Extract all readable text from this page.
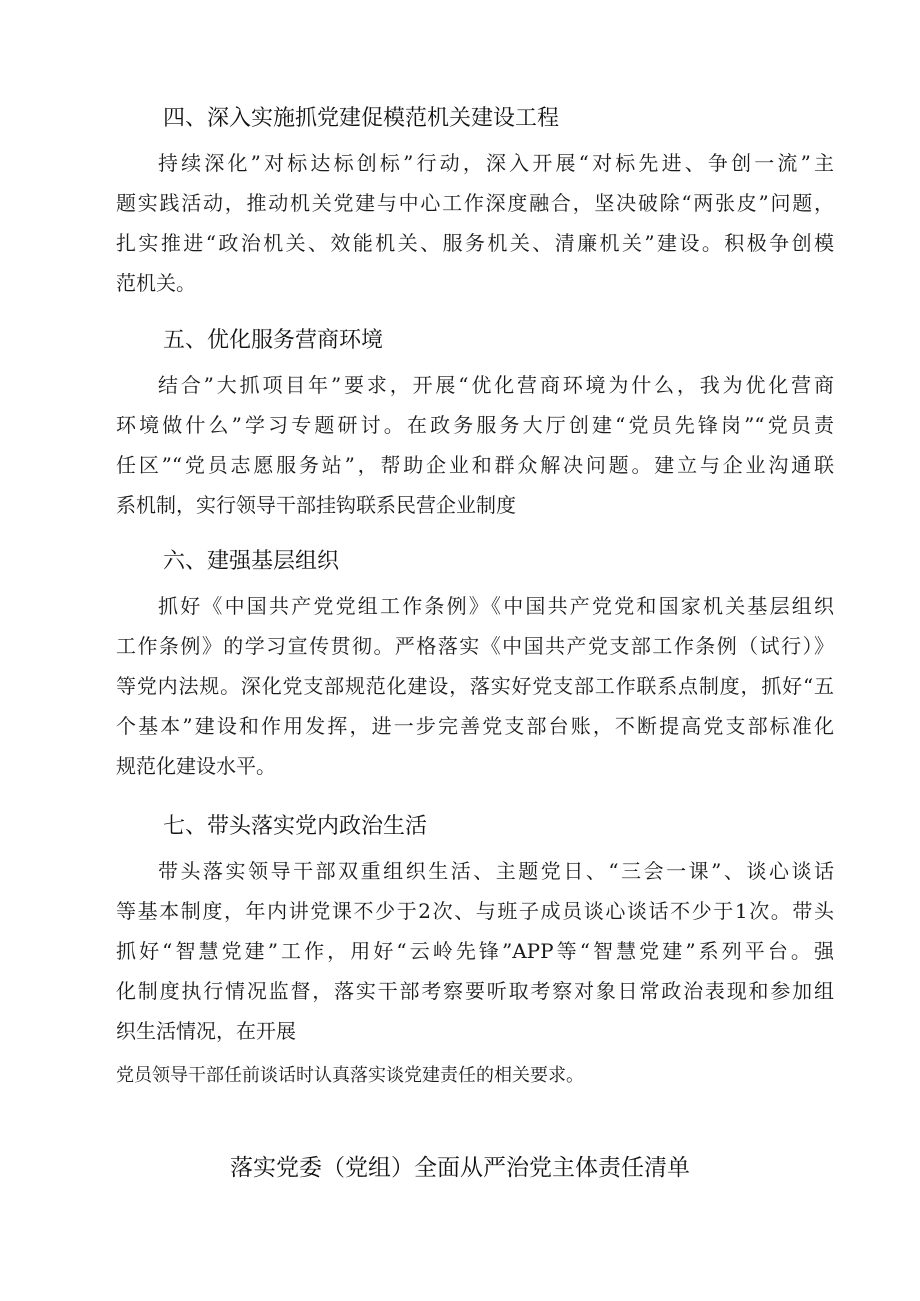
四、深入实施抓党建促模范机关建设工程
持续深化”对标达标创标”行动，深入开展“对标先进、争创一流”主
题实践活动，推动机关党建与中心工作深度融合，坚决破除“两张皮”问题，
扎实推进“政治机关、效能机关、服务机关、清廉机关”建设。积极争创模
范机关。
五、优化服务营商环境
结合”大抓项目年”要求，开展“优化营商环境为什么，我为优化营商
环境做什么”学习专题研讨。在政务服务大厅创建“党员先锋岗”“党员责
任区”“党员志愿服务站”，帮助企业和群众解决问题。建立与企业沟通联
系机制，实行领导干部挂钩联系民营企业制度
六、建强基层组织
抓好《中国共产党党组工作条例》《中国共产党党和国家机关基层组织
工作条例》的学习宣传贯彻。严格落实《中国共产党支部工作条例（试行）》
等党内法规。深化党支部规范化建设，落实好党支部工作联系点制度，抓好“五
个基本”建设和作用发挥，进一步完善党支部台账，不断提高党支部标准化
规范化建设水平。
七、带头落实党内政治生活
带头落实领导干部双重组织生活、主题党日、“三会一课”、谈心谈话
等基本制度，年内讲党课不少于2次、与班子成员谈心谈话不少于1次。带头
抓好“智慧党建”工作，用好“云岭先锋”APP等“智慧党建”系列平台。强
化制度执行情况监督，落实干部考察要听取考察对象日常政治表现和参加组
织生活情况，在开展

党员领导干部任前谈话时认真落实谈党建责任的相关要求。

落实党委（党组）全面从严治党主体责任清单
